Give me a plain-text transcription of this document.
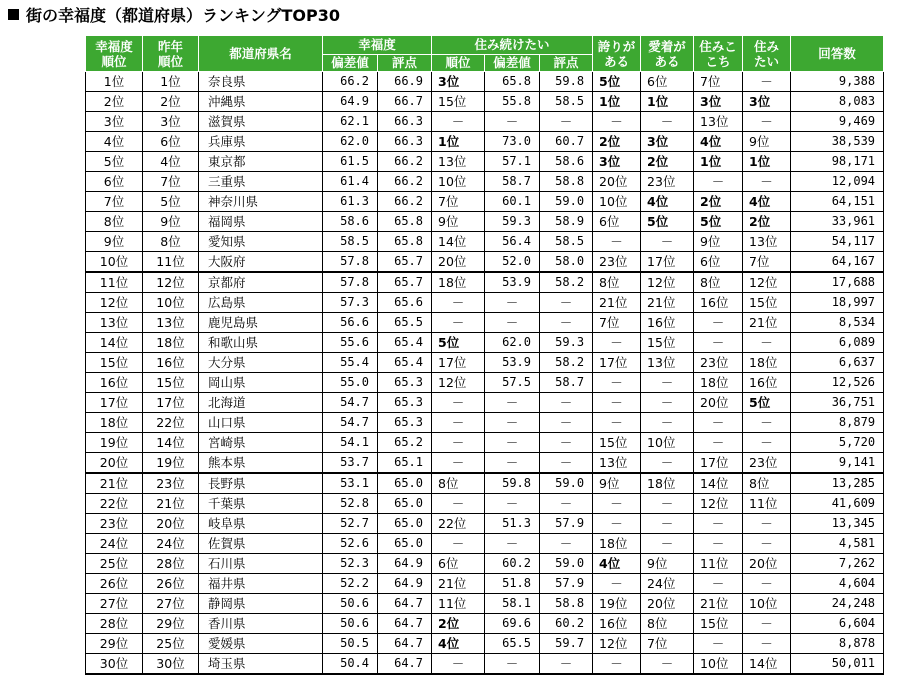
街の幸福度（都道府県）ランキングTOP30
幸福度順位	昨年順位	都道府県名	幸福度		住み続けたい			誇りがある	愛着がある	住みここち	住みたい	回答数
			偏差値	評点	順位	偏差値	評点					
1位	1位	奈良県	66.2	66.9	3位	65.8	59.8	5位	6位	7位	－	9,388
2位	2位	沖縄県	64.9	66.7	15位	55.8	58.5	1位	1位	3位	3位	8,083
3位	3位	滋賀県	62.1	66.3	－	－	－	－	－	13位	－	9,469
4位	6位	兵庫県	62.0	66.3	1位	73.0	60.7	2位	3位	4位	9位	38,539
5位	4位	東京都	61.5	66.2	13位	57.1	58.6	3位	2位	1位	1位	98,171
6位	7位	三重県	61.4	66.2	10位	58.7	58.8	20位	23位	－	－	12,094
7位	5位	神奈川県	61.3	66.2	7位	60.1	59.0	10位	4位	2位	4位	64,151
8位	9位	福岡県	58.6	65.8	9位	59.3	58.9	6位	5位	5位	2位	33,961
9位	8位	愛知県	58.5	65.8	14位	56.4	58.5	－	－	9位	13位	54,117
10位	11位	大阪府	57.8	65.7	20位	52.0	58.0	23位	17位	6位	7位	64,167
11位	12位	京都府	57.8	65.7	18位	53.9	58.2	8位	12位	8位	12位	17,688
12位	10位	広島県	57.3	65.6	－	－	－	21位	21位	16位	15位	18,997
13位	13位	鹿児島県	56.6	65.5	－	－	－	7位	16位	－	21位	8,534
14位	18位	和歌山県	55.6	65.4	5位	62.0	59.3	－	15位	－	－	6,089
15位	16位	大分県	55.4	65.4	17位	53.9	58.2	17位	13位	23位	18位	6,637
16位	15位	岡山県	55.0	65.3	12位	57.5	58.7	－	－	18位	16位	12,526
17位	17位	北海道	54.7	65.3	－	－	－	－	－	20位	5位	36,751
18位	22位	山口県	54.7	65.3	－	－	－	－	－	－	－	8,879
19位	14位	宮崎県	54.1	65.2	－	－	－	15位	10位	－	－	5,720
20位	19位	熊本県	53.7	65.1	－	－	－	13位	－	17位	23位	9,141
21位	23位	長野県	53.1	65.0	8位	59.8	59.0	9位	18位	14位	8位	13,285
22位	21位	千葉県	52.8	65.0	－	－	－	－	－	12位	11位	41,609
23位	20位	岐阜県	52.7	65.0	22位	51.3	57.9	－	－	－	－	13,345
24位	24位	佐賀県	52.6	65.0	－	－	－	18位	－	－	－	4,581
25位	28位	石川県	52.3	64.9	6位	60.2	59.0	4位	9位	11位	20位	7,262
26位	26位	福井県	52.2	64.9	21位	51.8	57.9	－	24位	－	－	4,604
27位	27位	静岡県	50.6	64.7	11位	58.1	58.8	19位	20位	21位	10位	24,248
28位	29位	香川県	50.6	64.7	2位	69.6	60.2	16位	8位	15位	－	6,604
29位	25位	愛媛県	50.5	64.7	4位	65.5	59.7	12位	7位	－	－	8,878
30位	30位	埼玉県	50.4	64.7	－	－	－	－	－	10位	14位	50,011
